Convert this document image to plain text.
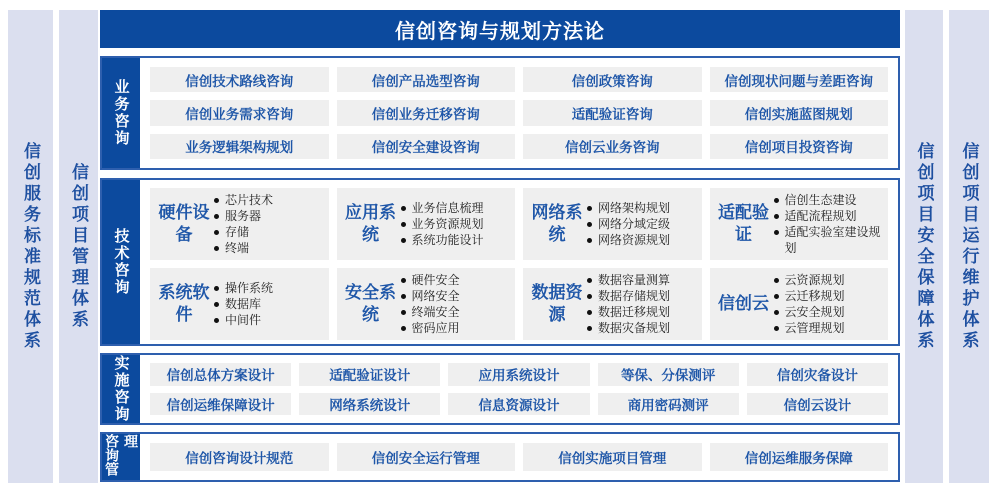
信创服务标准规范体系 信创项目管理体系
信创咨询与规划方法论
业务咨询	信创技术路线咨询	信创产品选型咨询	信创政策咨询	信创现状问题与差距咨询
信创业务需求咨询	信创业务迁移咨询	适配验证咨询	信创实施蓝图规划
业务逻辑架构规划	信创安全建设咨询	信创云业务咨询	信创项目投资咨询
技术咨询
硬件设备
芯片技术
服务器
存储
终端
应用系统
业务信息梳理
业务资源规划
系统功能设计
网络系统
网络架构规划
网络分域定级
网络资源规划
适配验证
信创生态建设
适配流程规划
适配实验室建设规划
系统软件
操作系统
数据库
中间件
安全系统
硬件安全
网络安全
终端安全
密码应用
数据资源
数据容量测算
数据存储规划
数据迁移规划
数据灾备规划
信创云
云资源规划
云迁移规划
云安全规划
云管理规划
实施咨询	信创总体方案设计	适配验证设计	应用系统设计	等保、分保测评	信创灾备设计
信创运维保障设计	网络系统设计	信息资源设计	商用密码测评	信创云设计
咨询管理
信创咨询设计规范	信创安全运行管理	信创实施项目管理	信创运维服务保障
信创项目安全保障体系 信创项目运行维护体系
